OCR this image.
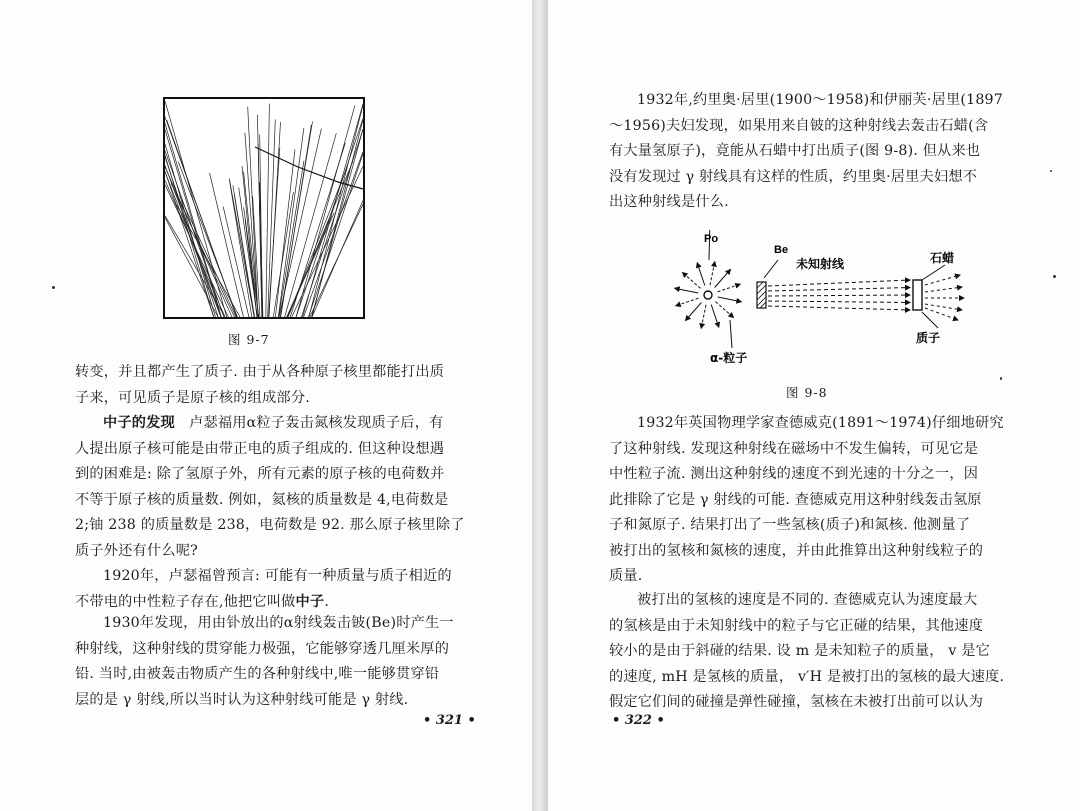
图 9-7
转变，并且都产生了质子. 由于从各种原子核里都能打出质
子来，可见质子是原子核的组成部分.
中子的发现 卢瑟福用α粒子轰击氮核发现质子后，有
人提出原子核可能是由带正电的质子组成的. 但这种设想遇
到的困难是: 除了氢原子外，所有元素的原子核的电荷数并
不等于原子核的质量数. 例如，氦核的质量数是 4,电荷数是
2;铀 238 的质量数是 238，电荷数是 92. 那么原子核里除了
质子外还有什么呢?
1920年，卢瑟福曾预言: 可能有一种质量与质子相近的
不带电的中性粒子存在,他把它叫做中子.
1930年发现，用由钋放出的α射线轰击铍(Be)时产生一
种射线，这种射线的贯穿能力极强，它能够穿透几厘米厚的
铅. 当时,由被轰击物质产生的各种射线中,唯一能够贯穿铅
层的是 γ 射线,所以当时认为这种射线可能是 γ 射线.
• 321 •
1932年,约里奥·居里(1900～1958)和伊丽芙·居里(1897
～1956)夫妇发现，如果用来自铍的这种射线去轰击石蜡(含
有大量氢原子)，竟能从石蜡中打出质子(图 9-8). 但从来也
没有发现过 γ 射线具有这样的性质，约里奥·居里夫妇想不
出这种射线是什么.
Po
Be
未知射线	石蜡
质子
α-粒子
图 9-8
1932年英国物理学家查德威克(1891～1974)仔细地研究
了这种射线. 发现这种射线在磁场中不发生偏转，可见它是
中性粒子流. 测出这种射线的速度不到光速的十分之一，因
此排除了它是 γ 射线的可能. 查德威克用这种射线轰击氢原
子和氮原子. 结果打出了一些氢核(质子)和氮核. 他测量了
被打出的氢核和氮核的速度，并由此推算出这种射线粒子的
质量.
被打出的氢核的速度是不同的. 查德威克认为速度最大
的氢核是由于未知射线中的粒子与它正碰的结果，其他速度
较小的是由于斜碰的结果. 设 m 是未知粒子的质量， v 是它
的速度, mH 是氢核的质量， v′H 是被打出的氢核的最大速度.
假定它们间的碰撞是弹性碰撞，氢核在未被打出前可以认为
• 322 •
